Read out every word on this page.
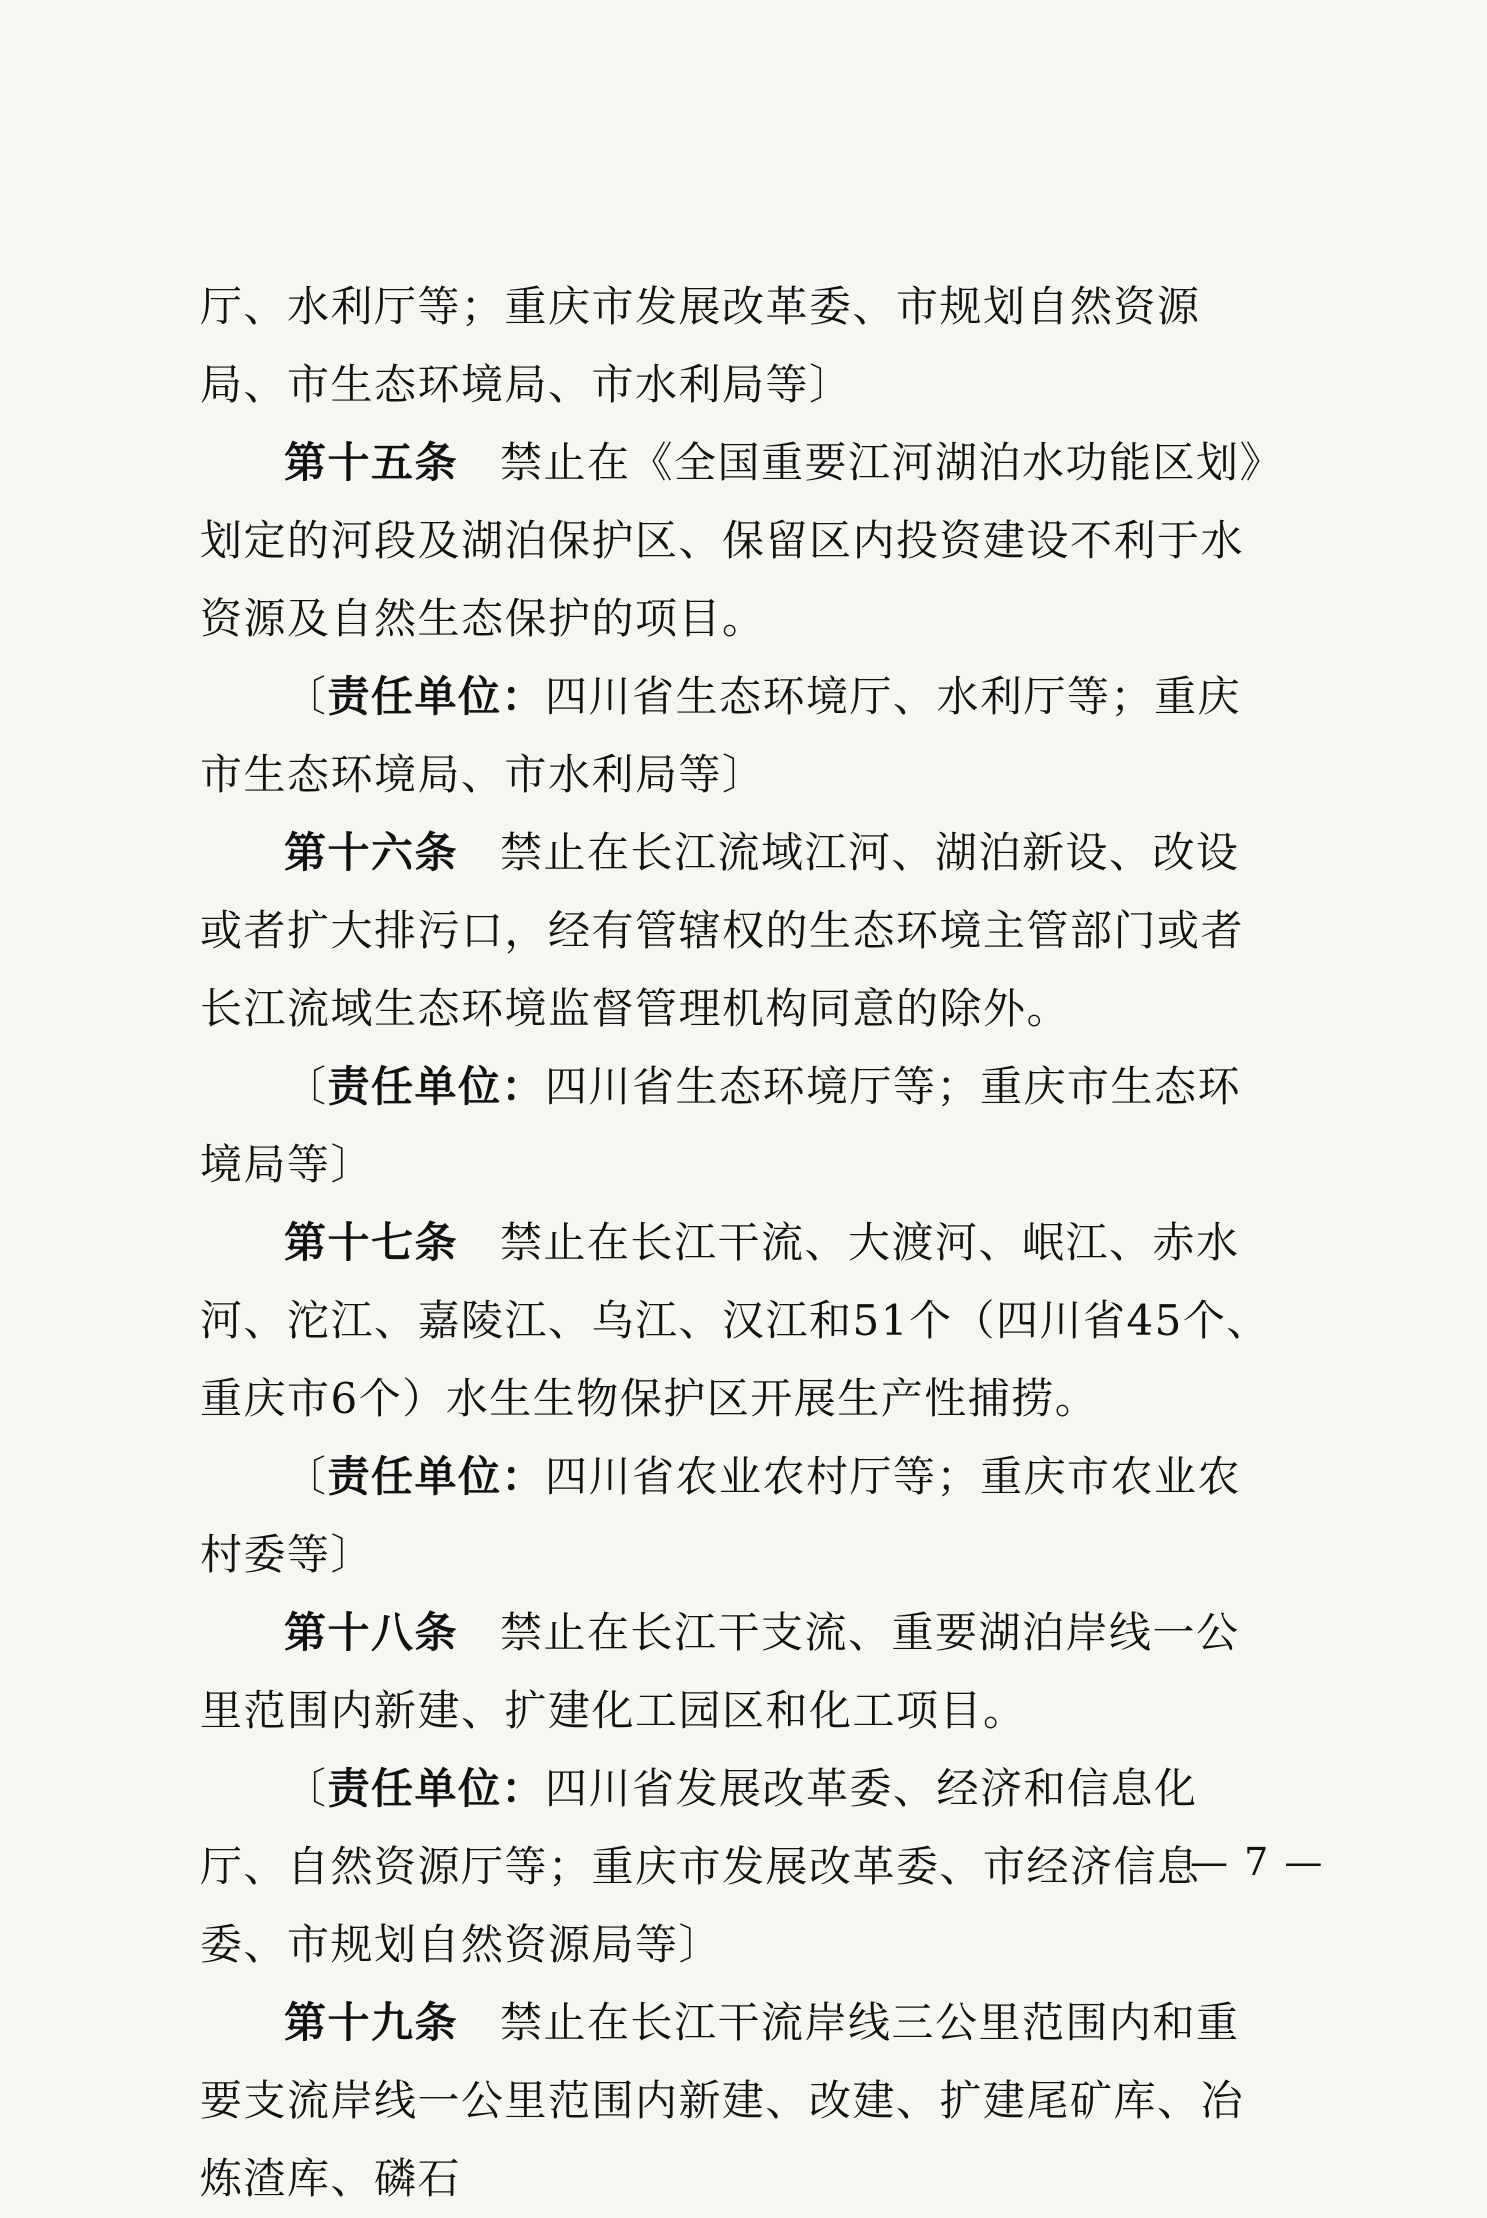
厅、水利厅等；重庆市发展改革委、市规划自然资源局、市生态环境局、市水利局等〕

第十五条 禁止在《全国重要江河湖泊水功能区划》划定的河段及湖泊保护区、保留区内投资建设不利于水资源及自然生态保护的项目。

〔责任单位：四川省生态环境厅、水利厅等；重庆市生态环境局、市水利局等〕

第十六条 禁止在长江流域江河、湖泊新设、改设或者扩大排污口，经有管辖权的生态环境主管部门或者长江流域生态环境监督管理机构同意的除外。

〔责任单位：四川省生态环境厅等；重庆市生态环境局等〕

第十七条 禁止在长江干流、大渡河、岷江、赤水河、沱江、嘉陵江、乌江、汉江和51个（四川省45个、重庆市6个）水生生物保护区开展生产性捕捞。

〔责任单位：四川省农业农村厅等；重庆市农业农村委等〕

第十八条 禁止在长江干支流、重要湖泊岸线一公里范围内新建、扩建化工园区和化工项目。

〔责任单位：四川省发展改革委、经济和信息化厅、自然资源厅等；重庆市发展改革委、市经济信息委、市规划自然资源局等〕

第十九条 禁止在长江干流岸线三公里范围内和重要支流岸线一公里范围内新建、改建、扩建尾矿库、冶炼渣库、磷石

— 7 —
